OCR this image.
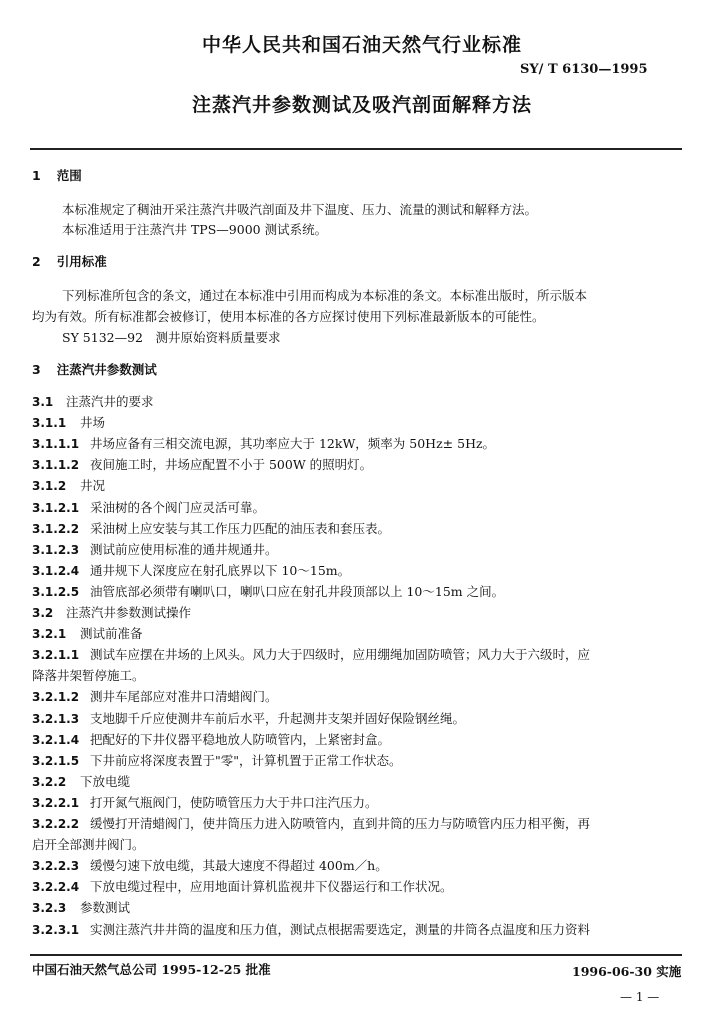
中华人民共和国石油天然气行业标准
SY/ T 6130—1995
注蒸汽井参数测试及吸汽剖面解释方法
1 范围
本标准规定了稠油开采注蒸汽井吸汽剖面及井下温度、压力、流量的测试和解释方法。
本标准适用于注蒸汽井 TPS—9000 测试系统。
2 引用标准
下列标准所包含的条文，通过在本标准中引用而构成为本标准的条文。本标准出版时，所示版本
均为有效。所有标准都会被修订，使用本标准的各方应探讨使用下列标准最新版本的可能性。
SY 5132—92　测井原始资料质量要求
3 注蒸汽井参数测试
3.1 注蒸汽井的要求
3.1.1 井场
3.1.1.1 井场应备有三相交流电源，其功率应大于 12kW，频率为 50Hz± 5Hz。
3.1.1.2 夜间施工时，井场应配置不小于 500W 的照明灯。
3.1.2 井况
3.1.2.1 采油树的各个阀门应灵活可靠。
3.1.2.2 采油树上应安装与其工作压力匹配的油压表和套压表。
3.1.2.3 测试前应使用标准的通井规通井。
3.1.2.4 通井规下人深度应在射孔底界以下 10～15m。
3.1.2.5 油管底部必须带有喇叭口，喇叭口应在射孔井段顶部以上 10～15m 之间。
3.2 注蒸汽井参数测试操作
3.2.1 测试前准备
3.2.1.1 测试车应摆在井场的上风头。风力大于四级时，应用绷绳加固防喷管；风力大于六级时，应
降落井架暂停施工。
3.2.1.2 测井车尾部应对准井口清蜡阀门。
3.2.1.3 支地脚千斤应使测井车前后水平，升起测井支架并固好保险钢丝绳。
3.2.1.4 把配好的下井仪器平稳地放人防喷管内，上紧密封盒。
3.2.1.5 下井前应将深度表置于"零"，计算机置于正常工作状态。
3.2.2 下放电缆
3.2.2.1 打开氮气瓶阀门，使防喷管压力大于井口注汽压力。
3.2.2.2 缓慢打开清蜡阀门，使井筒压力进入防喷管内，直到井筒的压力与防喷管内压力相平衡，再
启开全部测井阀门。
3.2.2.3 缓慢匀速下放电缆，其最大速度不得超过 400m／h。
3.2.2.4 下放电缆过程中，应用地面计算机监视井下仪器运行和工作状况。
3.2.3 参数测试
3.2.3.1 实测注蒸汽井井筒的温度和压力值，测试点根据需要选定，测量的井筒各点温度和压力资料
中国石油天然气总公司 1995-12-25 批准	1996-06-30 实施
— 1 —
